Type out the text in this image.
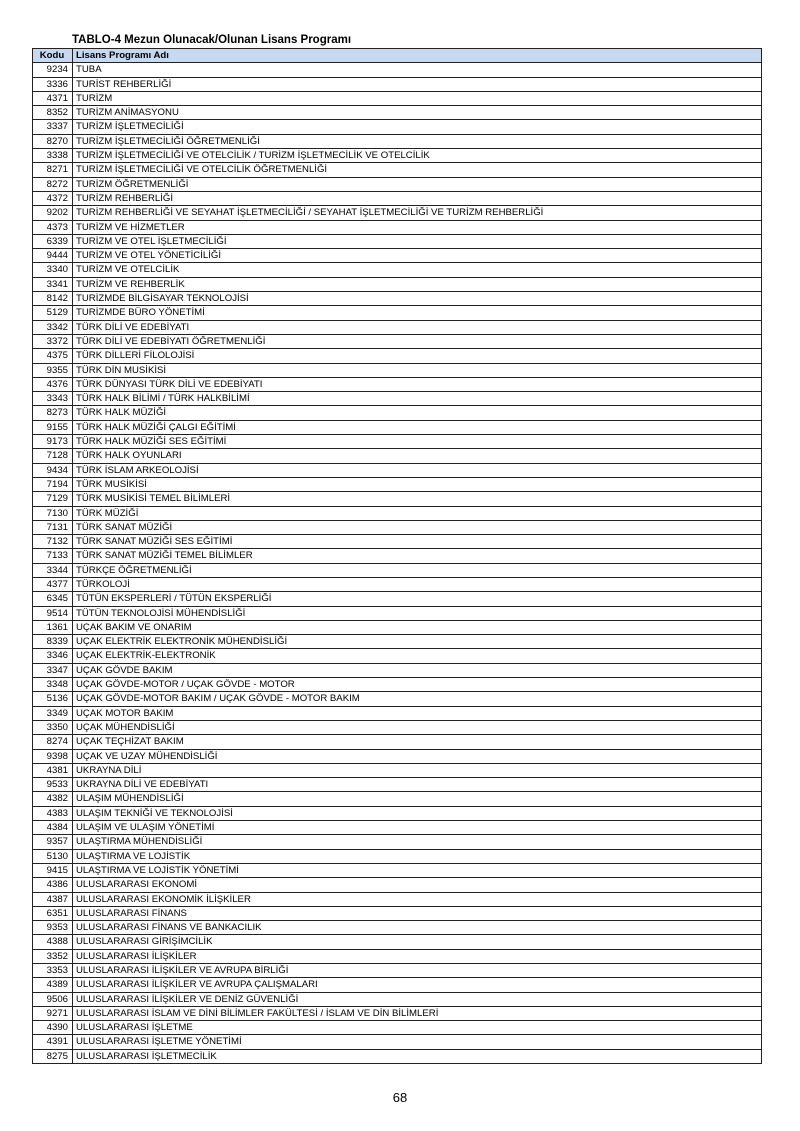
TABLO-4 Mezun Olunacak/Olunan Lisans Programı
Kodu	Lisans Programı Adı
9234	TUBA
3336	TURİST REHBERLİĞİ
4371	TURİZM
8352	TURİZM ANİMASYONU
3337	TURİZM İŞLETMECİLİĞİ
8270	TURİZM İŞLETMECİLİĞİ ÖĞRETMENLİĞİ
3338	TURİZM İŞLETMECİLİĞİ VE OTELCİLİK / TURİZM İŞLETMECİLİK VE OTELCİLİK
8271	TURİZM İŞLETMECİLİĞİ VE OTELCİLİK ÖĞRETMENLİĞİ
8272	TURİZM ÖĞRETMENLİĞİ
4372	TURİZM REHBERLİĞİ
9202	TURİZM REHBERLİĞİ VE SEYAHAT İŞLETMECİLİĞİ / SEYAHAT İŞLETMECİLİĞİ VE TURİZM REHBERLİĞİ
4373	TURİZM VE HİZMETLER
6339	TURİZM VE OTEL İŞLETMECİLİĞİ
9444	TURİZM VE OTEL YÖNETİCİLİĞİ
3340	TURİZM VE OTELCİLİK
3341	TURİZM VE REHBERLİK
8142	TURİZMDE BİLGİSAYAR TEKNOLOJİSİ
5129	TURİZMDE BÜRO YÖNETİMİ
3342	TÜRK DİLİ VE EDEBİYATI
3372	TÜRK DİLİ VE EDEBİYATI ÖĞRETMENLİĞİ
4375	TÜRK DİLLERİ FİLOLOJİSİ
9355	TÜRK DİN MUSİKİSİ
4376	TÜRK DÜNYASI TÜRK DİLİ VE EDEBİYATI
3343	TÜRK HALK BİLİMİ / TÜRK HALKBİLİMİ
8273	TÜRK HALK MÜZİĞİ
9155	TÜRK HALK MÜZİĞİ ÇALGI EĞİTİMİ
9173	TÜRK HALK MÜZİĞİ SES EĞİTİMİ
7128	TÜRK HALK OYUNLARI
9434	TÜRK İSLAM ARKEOLOJİSİ
7194	TÜRK MUSİKİSİ
7129	TÜRK MUSİKİSİ TEMEL BİLİMLERİ
7130	TÜRK MÜZİĞİ
7131	TÜRK SANAT MÜZİĞİ
7132	TÜRK SANAT MÜZİĞİ SES EĞİTİMİ
7133	TÜRK SANAT MÜZİĞİ TEMEL BİLİMLER
3344	TÜRKÇE ÖĞRETMENLİĞİ
4377	TÜRKOLOJİ
6345	TÜTÜN EKSPERLERİ / TÜTÜN EKSPERLİĞİ
9514	TÜTÜN TEKNOLOJİSİ MÜHENDİSLİĞİ
1361	UÇAK BAKIM VE ONARIM
8339	UÇAK ELEKTRİK ELEKTRONİK MÜHENDİSLİĞİ
3346	UÇAK ELEKTRİK-ELEKTRONİK
3347	UÇAK GÖVDE BAKIM
3348	UÇAK GÖVDE-MOTOR / UÇAK GÖVDE - MOTOR
5136	UÇAK GÖVDE-MOTOR BAKIM / UÇAK GÖVDE - MOTOR BAKIM
3349	UÇAK MOTOR BAKIM
3350	UÇAK MÜHENDİSLİĞİ
8274	UÇAK TEÇHİZAT BAKIM
9398	UÇAK VE UZAY MÜHENDİSLİĞİ
4381	UKRAYNA DİLİ
9533	UKRAYNA DİLİ VE EDEBİYATI
4382	ULAŞIM MÜHENDİSLİĞİ
4383	ULAŞIM TEKNİĞİ VE TEKNOLOJİSİ
4384	ULAŞIM VE ULAŞIM YÖNETİMİ
9357	ULAŞTIRMA MÜHENDİSLİĞİ
5130	ULAŞTIRMA VE LOJİSTİK
9415	ULAŞTIRMA VE LOJİSTİK YÖNETİMİ
4386	ULUSLARARASI EKONOMİ
4387	ULUSLARARASI EKONOMİK İLİŞKİLER
6351	ULUSLARARASI FİNANS
9353	ULUSLARARASI FİNANS VE BANKACILIK
4388	ULUSLARARASI GİRİŞİMCİLİK
3352	ULUSLARARASI İLİŞKİLER
3353	ULUSLARARASI İLİŞKİLER VE AVRUPA BİRLİĞİ
4389	ULUSLARARASI İLİŞKİLER VE AVRUPA ÇALIŞMALARI
9506	ULUSLARARASI İLİŞKİLER VE DENİZ GÜVENLİĞİ
9271	ULUSLARARASI İSLAM VE DİNİ BİLİMLER FAKÜLTESİ / İSLAM VE DİN BİLİMLERİ
4390	ULUSLARARASI İŞLETME
4391	ULUSLARARASI İŞLETME YÖNETİMİ
8275	ULUSLARARASI İŞLETMECİLİK
68
